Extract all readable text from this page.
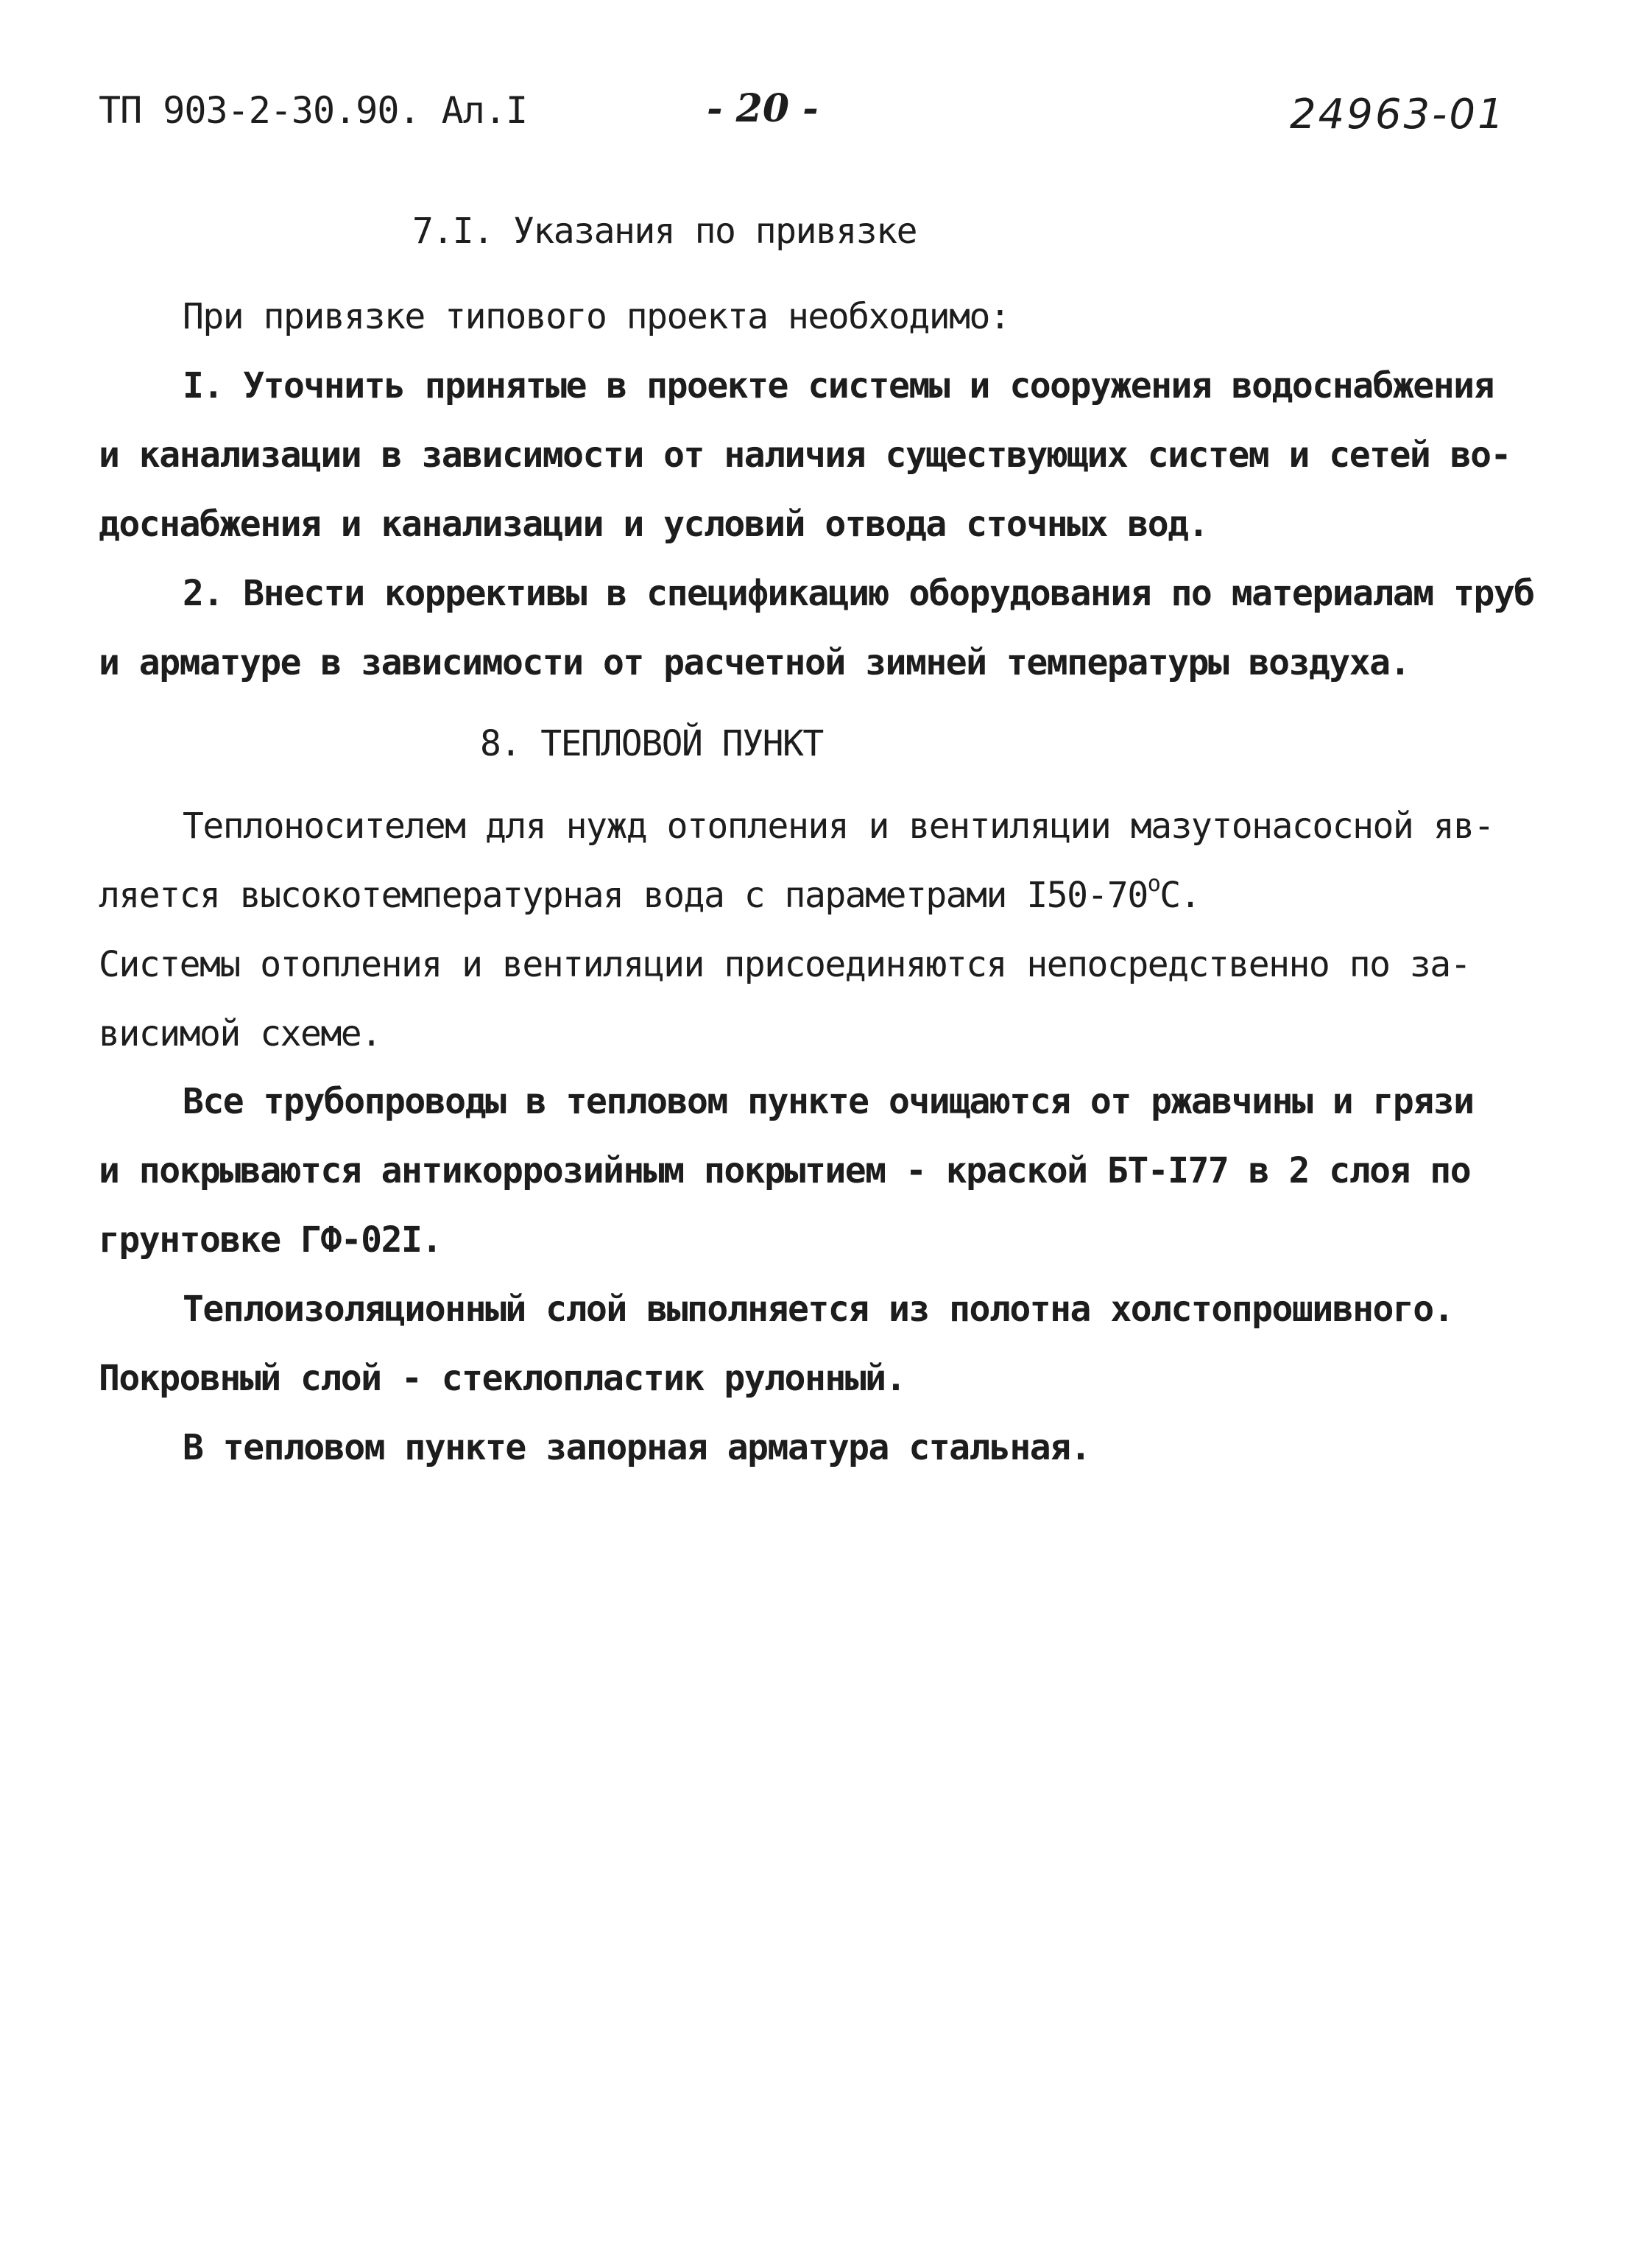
ТП 903-2-30.90. Ал.I	- 20 -	24963-01
7.I. Указания по привязке
При привязке типового проекта необходимо:
I. Уточнить принятые в проекте системы и сооружения водоснабжения
и канализации в зависимости от наличия существующих систем и сетей во-
доснабжения и канализации и условий отвода сточных вод.
2. Внести коррективы в спецификацию оборудования по материалам труб
и арматуре в зависимости от расчетной зимней температуры воздуха.
8. ТЕПЛОВОЙ ПУНКТ
Теплоносителем для нужд отопления и вентиляции мазутонасосной яв-
ляется высокотемпературная вода с параметрами $I50-70^оС$.
Системы отопления и вентиляции присоединяются непосредственно по за-
висимой схеме.
Все трубопроводы в тепловом пункте очищаются от ржавчины и грязи
и покрываются антикоррозийным покрытием - краской БТ-I77 в 2 слоя по
грунтовке ГФ-02I.
Теплоизоляционный слой выполняется из полотна холстопрошивного.
Покровный слой - стеклопластик рулонный.
В тепловом пункте запорная арматура стальная.
